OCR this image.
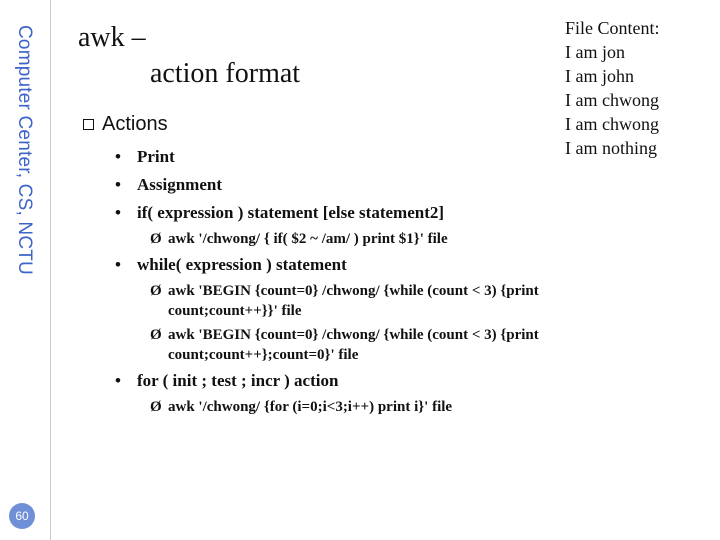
Computer Center, CS, NCTU
60
awk –
action format
File Content:
I am jon
I am john
I am chwong
I am chwong
I am nothing
Actions
• Print
• Assignment
• if( expression ) statement [else statement2]
Ø awk '/chwong/ { if( $2 ~ /am/ ) print $1}' file
• while( expression ) statement
Ø awk 'BEGIN {count=0} /chwong/ {while (count < 3) {print count;count++}}' file
Ø awk 'BEGIN {count=0} /chwong/ {while (count < 3) {print count;count++};count=0}' file
• for ( init ; test ; incr ) action
Ø awk '/chwong/ {for (i=0;i<3;i++) print i}' file
